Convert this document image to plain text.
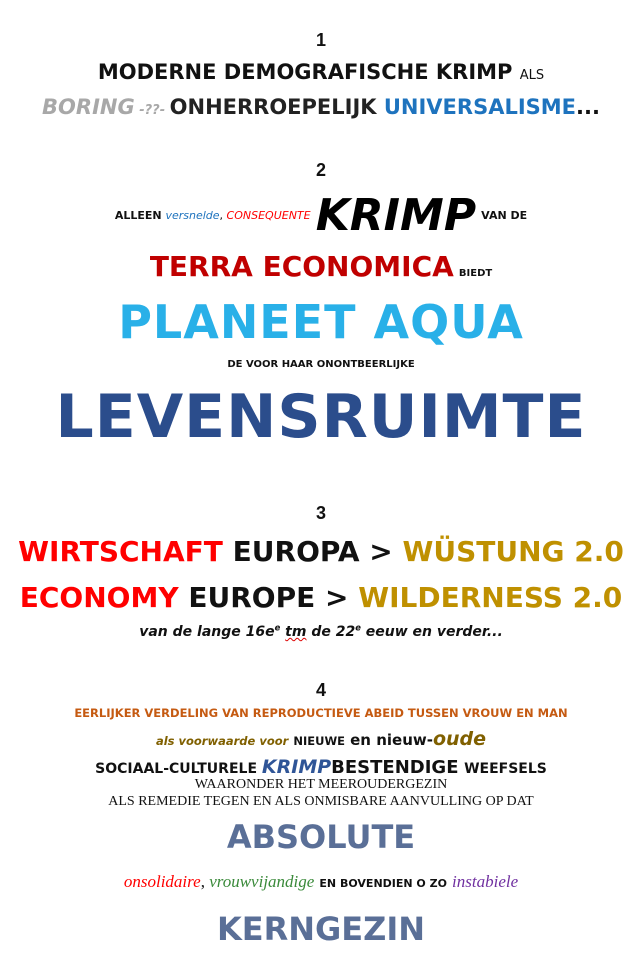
1
MODERNE DEMOGRAFISCHE KRIMP ALS
BORING -??- ONHERROEPELIJK UNIVERSALISME...
2
ALLEEN versnelde, CONSEQUENTE KRIMP VAN DE
TERRA ECONOMICA BIEDT
PLANEET AQUA
DE VOOR HAAR ONONTBEERLIJKE
LEVENSRUIMTE
3
WIRTSCHAFT EUROPA > WÜSTUNG 2.0
ECONOMY EUROPE > WILDERNESS 2.0
van de lange $16e^e$ tm de 22e eeuw en verder...
4
EERLIJKER VERDELING VAN REPRODUCTIEVE ABEID TUSSEN VROUW EN MAN
als voorwaarde voor NIEUWE en nieuw-oude
SOCIAAL-CULTURELE KRIMPBESTENDIGE WEEFSELS
WAARONDER HET MEEROUDERGEZIN
ALS REMEDIE TEGEN EN ALS ONMISBARE AANVULLING OP DAT
ABSOLUTE
onsolidaire, vrouwvijandige EN BOVENDIEN O ZO instabiele
KERNGEZIN
